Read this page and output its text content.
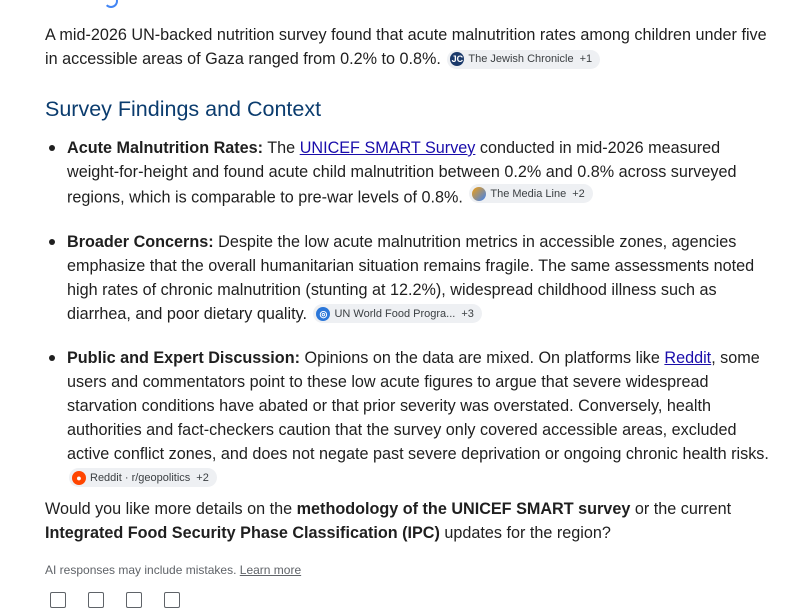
A mid-2026 UN-backed nutrition survey found that acute malnutrition rates among children under five in accessible areas of Gaza ranged from 0.2% to 0.8%. JC The Jewish Chronicle +1

Survey Findings and Context
Acute Malnutrition Rates: The UNICEF SMART Survey conducted in mid-2026 measured weight-for-height and found acute child malnutrition between 0.2% and 0.8% across surveyed regions, which is comparable to pre-war levels of 0.8%.	The Media Line +2
Broader Concerns: Despite the low acute malnutrition metrics in accessible zones, agencies emphasize that the overall humanitarian situation remains fragile. The same assessments noted high rates of chronic malnutrition (stunting at 12.2%), widespread childhood illness such as diarrhea, and poor dietary quality.	◎ UN World Food Progra... +3
Public and Expert Discussion: Opinions on the data are mixed. On platforms like Reddit, some users and commentators point to these low acute figures to argue that severe widespread starvation conditions have abated or that prior severity was overstated. Conversely, health authorities and fact-checkers caution that the survey only covered accessible areas, excluded active conflict zones, and does not negate past severe deprivation or ongoing chronic health risks.
● Reddit · r/geopolitics +2

Would you like more details on the methodology of the UNICEF SMART survey or the current Integrated Food Security Phase Classification (IPC) updates for the region?

AI responses may include mistakes. Learn more
